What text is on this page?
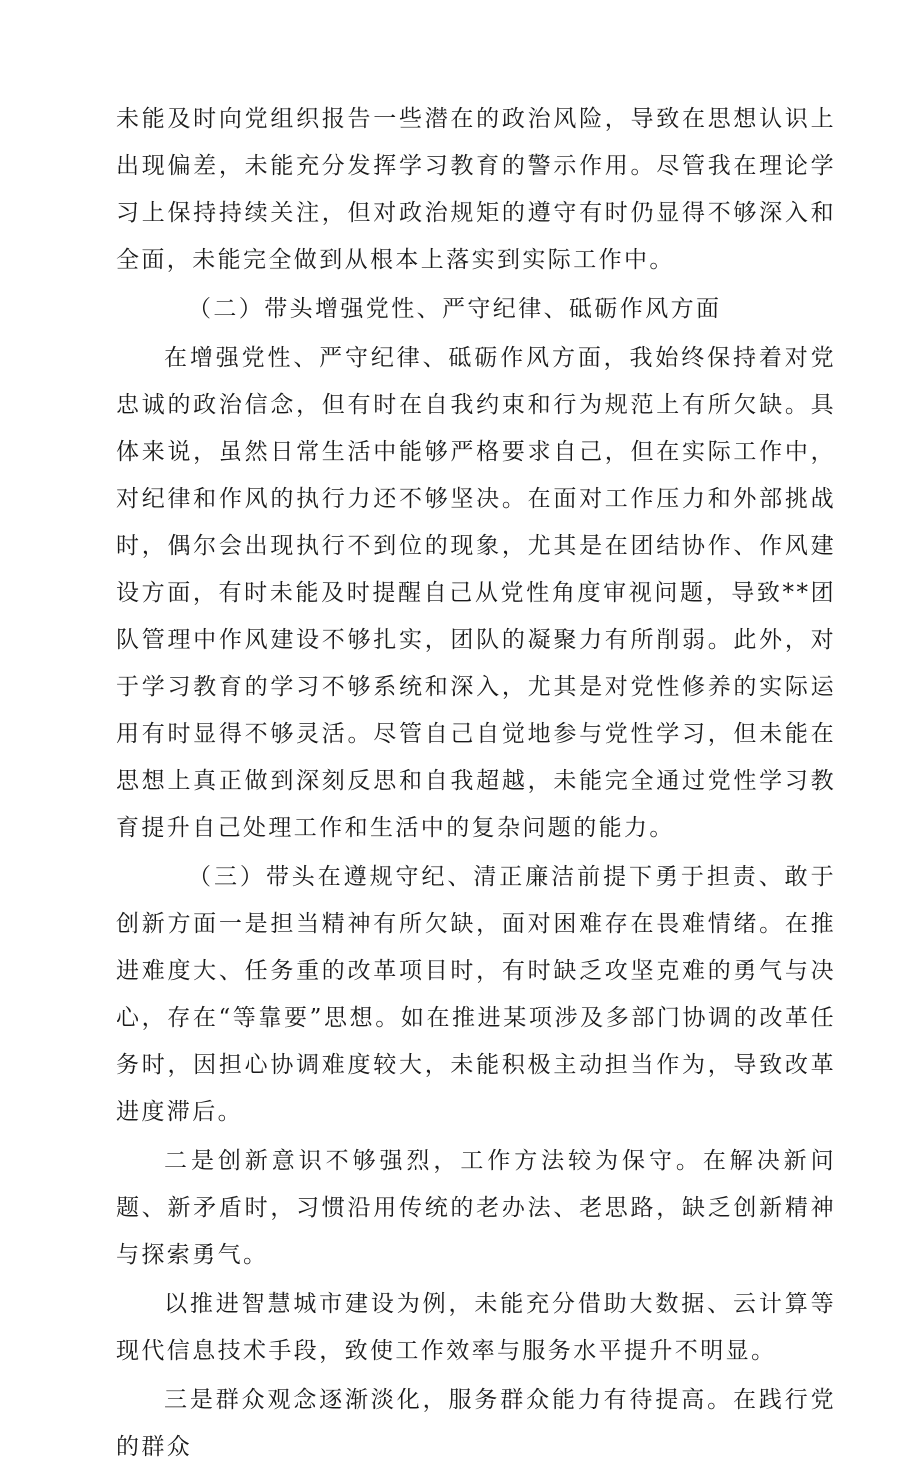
未能及时向党组织报告一些潜在的政治风险，导致在思想认识上出现偏差，未能充分发挥学习教育的警示作用。尽管我在理论学习上保持持续关注，但对政治规矩的遵守有时仍显得不够深入和全面，未能完全做到从根本上落实到实际工作中。

（二）带头增强党性、严守纪律、砥砺作风方面

在增强党性、严守纪律、砥砺作风方面，我始终保持着对党忠诚的政治信念，但有时在自我约束和行为规范上有所欠缺。具体来说，虽然日常生活中能够严格要求自己，但在实际工作中，对纪律和作风的执行力还不够坚决。在面对工作压力和外部挑战时，偶尔会出现执行不到位的现象，尤其是在团结协作、作风建设方面，有时未能及时提醒自己从党性角度审视问题，导致**团队管理中作风建设不够扎实，团队的凝聚力有所削弱。此外，对于学习教育的学习不够系统和深入，尤其是对党性修养的实际运用有时显得不够灵活。尽管自己自觉地参与党性学习，但未能在思想上真正做到深刻反思和自我超越，未能完全通过党性学习教育提升自己处理工作和生活中的复杂问题的能力。

（三）带头在遵规守纪、清正廉洁前提下勇于担责、敢于创新方面一是担当精神有所欠缺，面对困难存在畏难情绪。在推进难度大、任务重的改革项目时，有时缺乏攻坚克难的勇气与决心，存在“等靠要”思想。如在推进某项涉及多部门协调的改革任务时，因担心协调难度较大，未能积极主动担当作为，导致改革进度滞后。

二是创新意识不够强烈，工作方法较为保守。在解决新问题、新矛盾时，习惯沿用传统的老办法、老思路，缺乏创新精神与探索勇气。

以推进智慧城市建设为例，未能充分借助大数据、云计算等现代信息技术手段，致使工作效率与服务水平提升不明显。

三是群众观念逐渐淡化，服务群众能力有待提高。在践行党的群众
